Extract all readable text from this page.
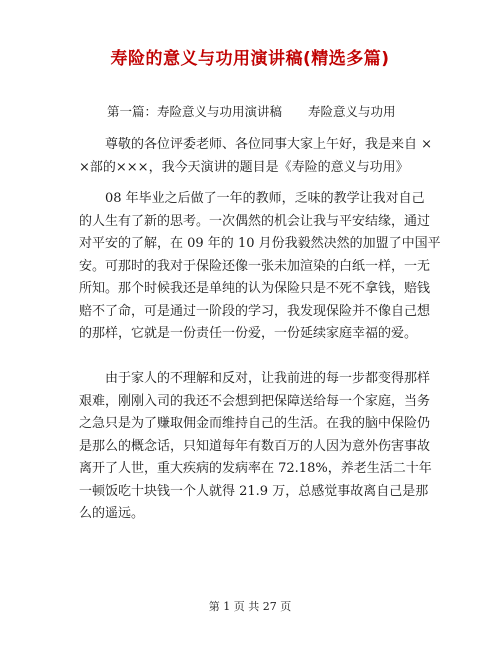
寿险的意义与功用演讲稿(精选多篇)
第一篇：寿险意义与功用演讲稿 寿险意义与功用
　　尊敬的各位评委老师、各位同事大家上午好，我是来自 ×
×部的×××，我今天演讲的题目是《寿险的意义与功用》
　　08 年毕业之后做了一年的教师，乏味的教学让我对自己
的人生有了新的思考。一次偶然的机会让我与平安结缘，通过
对平安的了解，在 09 年的 10 月份我毅然决然的加盟了中国平
安。可那时的我对于保险还像一张未加渲染的白纸一样，一无
所知。那个时候我还是单纯的认为保险只是不死不拿钱，赔钱
赔不了命，可是通过一阶段的学习，我发现保险并不像自己想
的那样，它就是一份责任一份爱，一份延续家庭幸福的爱。
　　由于家人的不理解和反对，让我前进的每一步都变得那样
艰难，刚刚入司的我还不会想到把保障送给每一个家庭，当务
之急只是为了赚取佣金而维持自己的生活。在我的脑中保险仍
是那么的概念话，只知道每年有数百万的人因为意外伤害事故
离开了人世，重大疾病的发病率在 72.18%，养老生活二十年
一顿饭吃十块钱一个人就得 21.9 万，总感觉事故离自己是那
么的遥远。
第 1 页 共 27 页
